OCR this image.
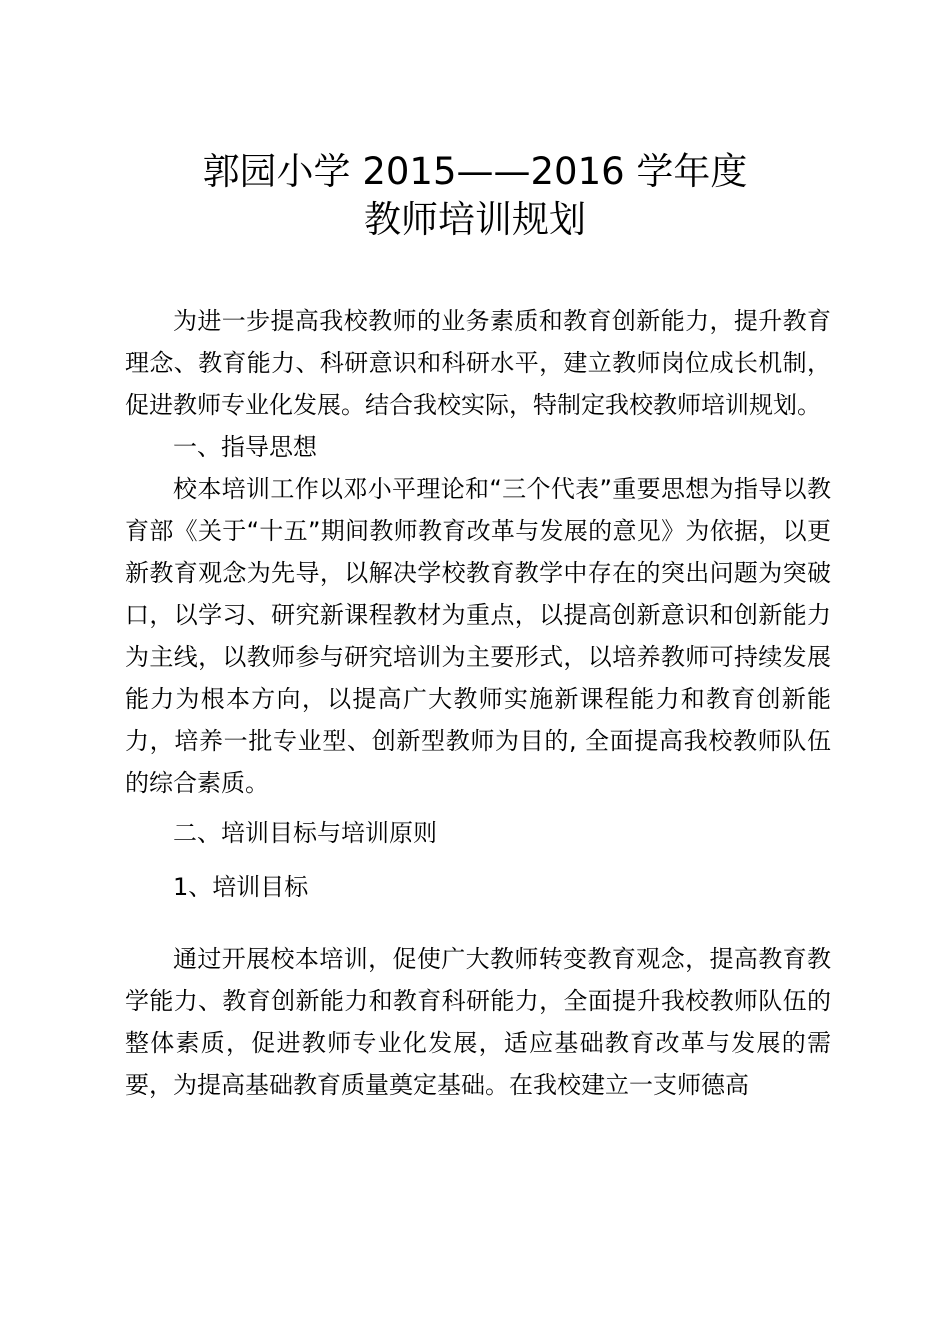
郭园小学 2015——2016 学年度
教师培训规划

为进一步提高我校教师的业务素质和教育创新能力，提升教育理念、教育能力、科研意识和科研水平，建立教师岗位成长机制，促进教师专业化发展。结合我校实际，特制定我校教师培训规划。

一、指导思想

校本培训工作以邓小平理论和“三个代表”重要思想为指导以教育部《关于“十五”期间教师教育改革与发展的意见》为依据，以更新教育观念为先导，以解决学校教育教学中存在的突出问题为突破口，以学习、研究新课程教材为重点，以提高创新意识和创新能力为主线，以教师参与研究培训为主要形式，以培养教师可持续发展能力为根本方向，以提高广大教师实施新课程能力和教育创新能力，培养一批专业型、创新型教师为目的, 全面提高我校教师队伍的综合素质。

二、培训目标与培训原则

1、培训目标

通过开展校本培训，促使广大教师转变教育观念，提高教育教学能力、教育创新能力和教育科研能力，全面提升我校教师队伍的整体素质，促进教师专业化发展，适应基础教育改革与发展的需要，为提高基础教育质量奠定基础。在我校建立一支师德高
